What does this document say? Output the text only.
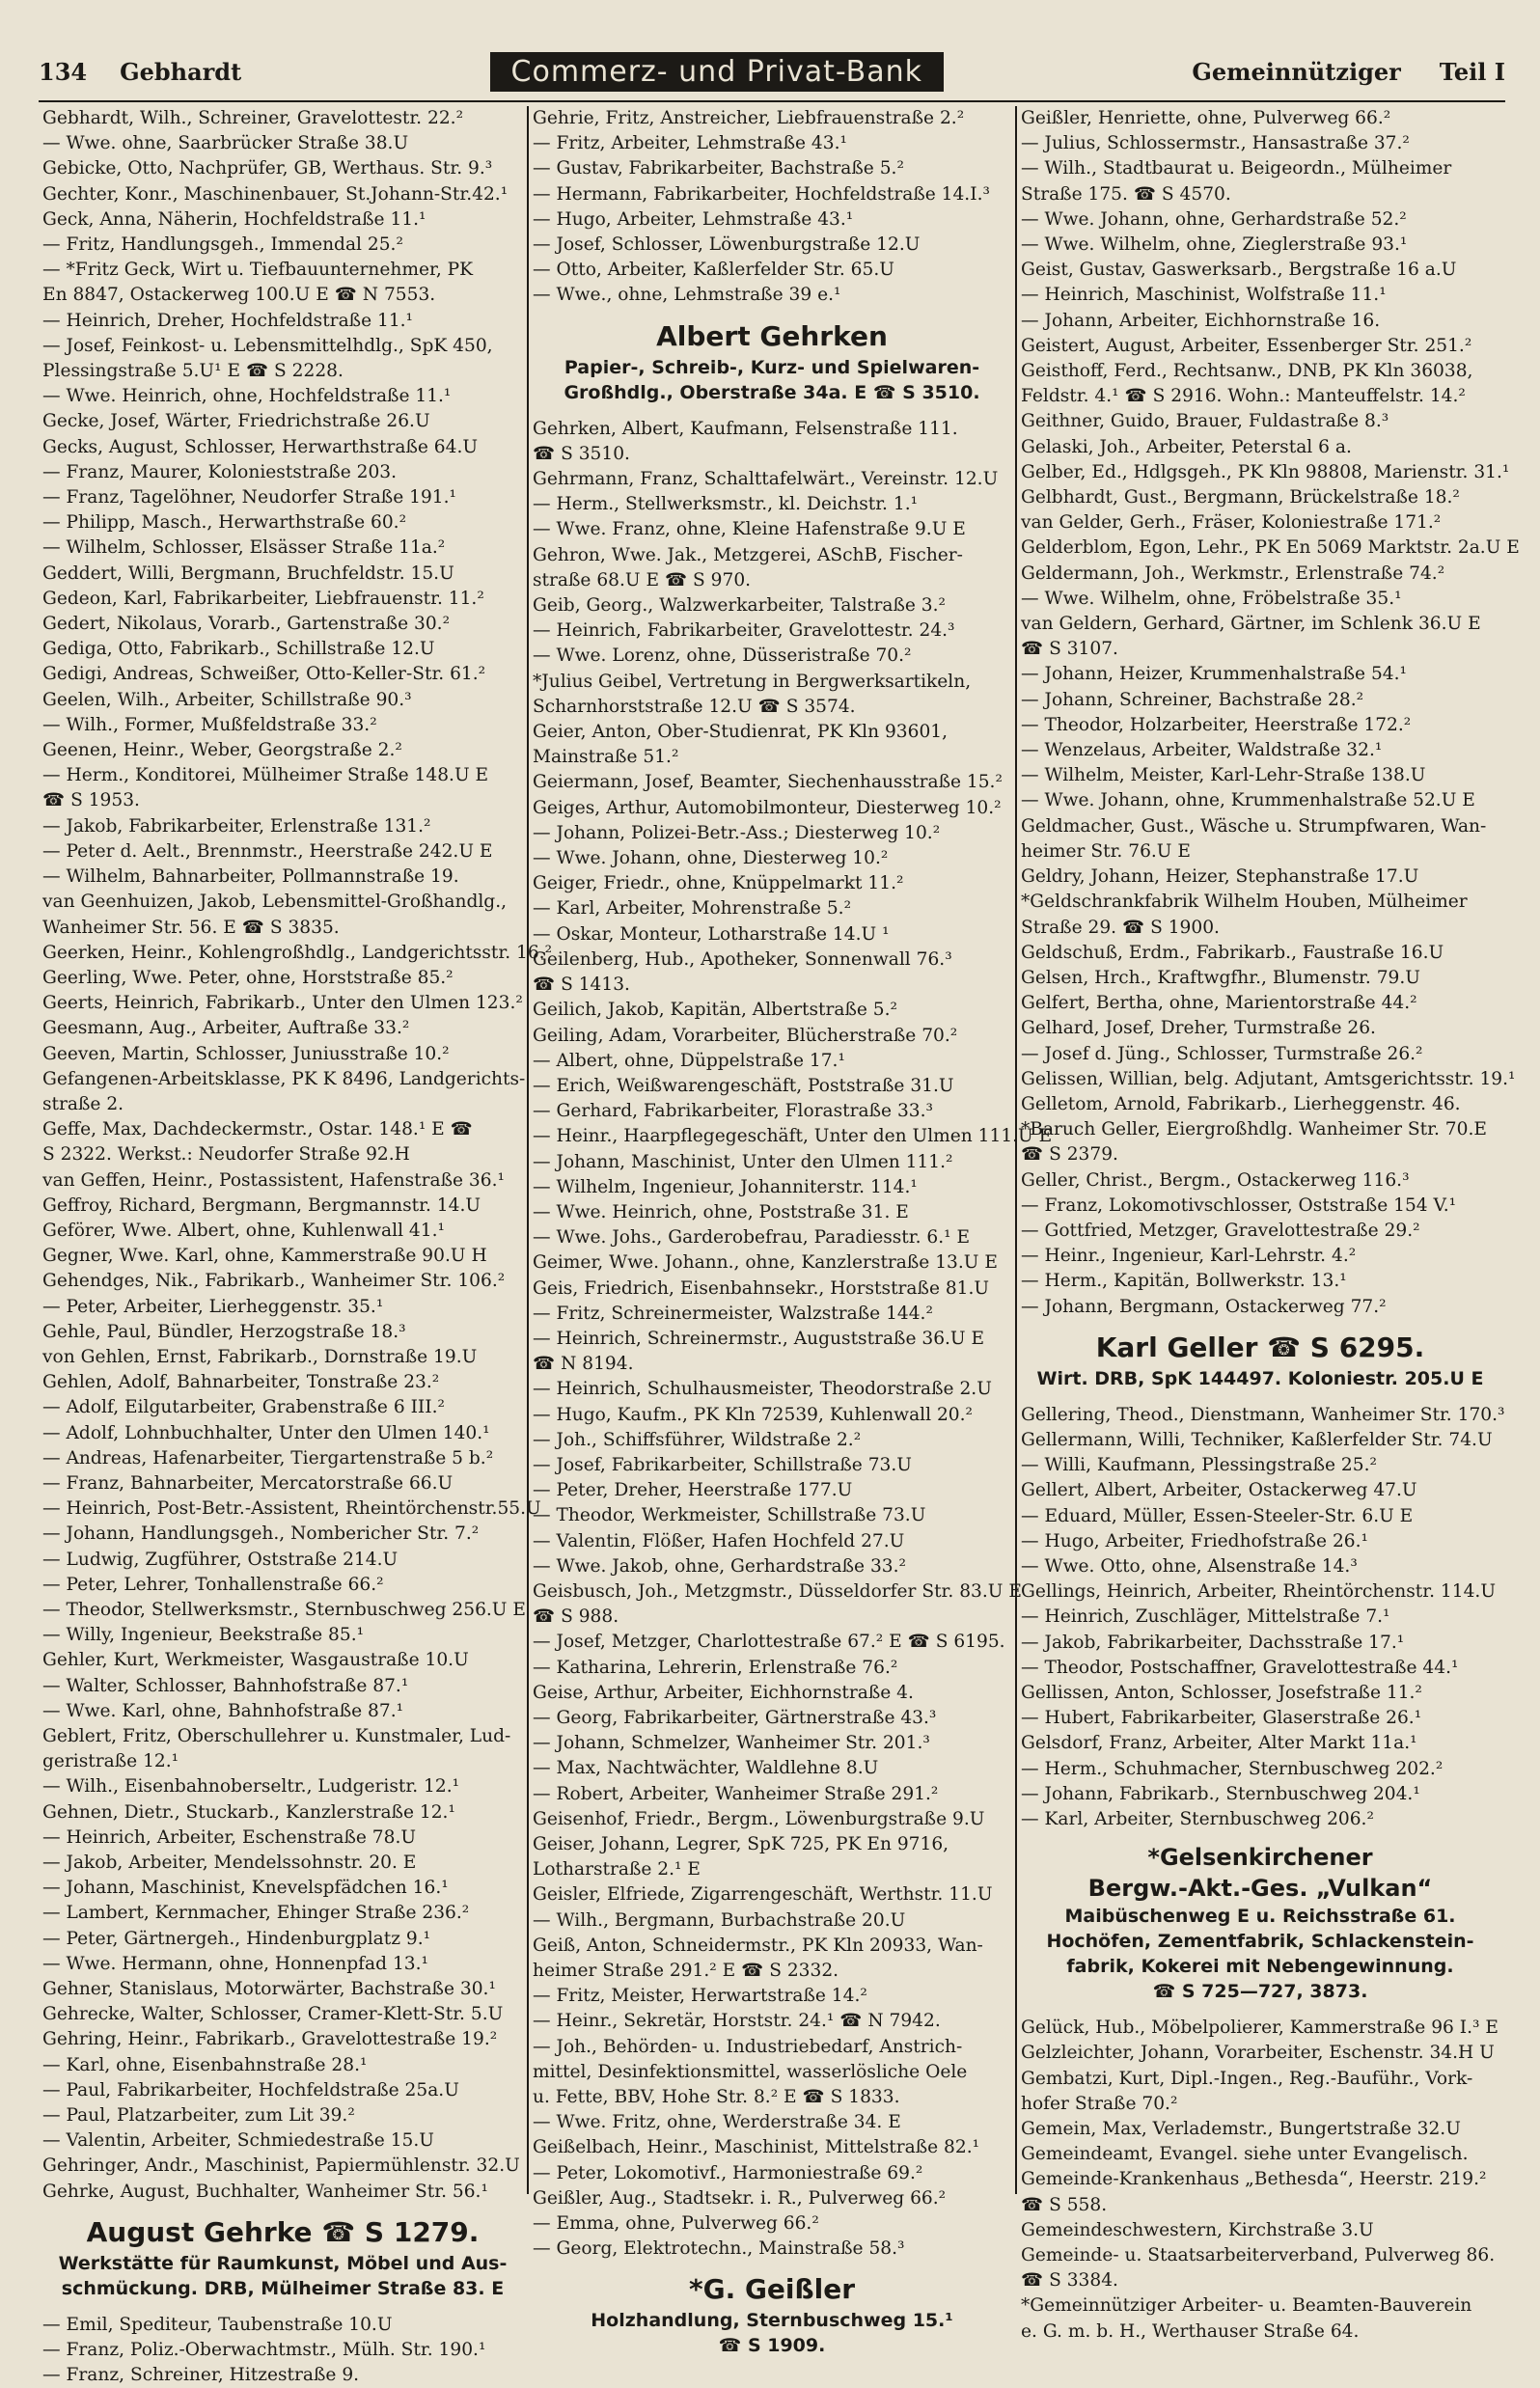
134 Gebhardt	Commerz- und Privat-Bank	Gemeinnütziger Teil I

Gebhardt, Wilh., Schreiner, Gravelottestr. 22.²

— Wwe. ohne, Saarbrücker Straße 38.U

Gebicke, Otto, Nachprüfer, GB, Werthaus. Str. 9.³

Gechter, Konr., Maschinenbauer, St.Johann-Str.42.¹

Geck, Anna, Näherin, Hochfeldstraße 11.¹

— Fritz, Handlungsgeh., Immendal 25.²

— *Fritz Geck, Wirt u. Tiefbauunternehmer, PK

En 8847, Ostackerweg 100.U E ☎ N 7553.

— Heinrich, Dreher, Hochfeldstraße 11.¹

— Josef, Feinkost- u. Lebensmittelhdlg., SpK 450,

Plessingstraße 5.U¹ E ☎ S 2228.

— Wwe. Heinrich, ohne, Hochfeldstraße 11.¹

Gecke, Josef, Wärter, Friedrichstraße 26.U

Gecks, August, Schlosser, Herwarthstraße 64.U

— Franz, Maurer, Kolonieststraße 203.

— Franz, Tagelöhner, Neudorfer Straße 191.¹

— Philipp, Masch., Herwarthstraße 60.²

— Wilhelm, Schlosser, Elsässer Straße 11a.²

Geddert, Willi, Bergmann, Bruchfeldstr. 15.U

Gedeon, Karl, Fabrikarbeiter, Liebfrauenstr. 11.²

Gedert, Nikolaus, Vorarb., Gartenstraße 30.²

Gediga, Otto, Fabrikarb., Schillstraße 12.U

Gedigi, Andreas, Schweißer, Otto-Keller-Str. 61.²

Geelen, Wilh., Arbeiter, Schillstraße 90.³

— Wilh., Former, Mußfeldstraße 33.²

Geenen, Heinr., Weber, Georgstraße 2.²

— Herm., Konditorei, Mülheimer Straße 148.U E

☎ S 1953.

— Jakob, Fabrikarbeiter, Erlenstraße 131.²

— Peter d. Aelt., Brennmstr., Heerstraße 242.U E

— Wilhelm, Bahnarbeiter, Pollmannstraße 19.

van Geenhuizen, Jakob, Lebensmittel-Großhandlg.,

Wanheimer Str. 56. E ☎ S 3835.

Geerken, Heinr., Kohlengroßhdlg., Landgerichtsstr. 16.²

Geerling, Wwe. Peter, ohne, Horststraße 85.²

Geerts, Heinrich, Fabrikarb., Unter den Ulmen 123.²

Geesmann, Aug., Arbeiter, Auftraße 33.²

Geeven, Martin, Schlosser, Juniusstraße 10.²

Gefangenen-Arbeitsklasse, PK K 8496, Landgerichts-

straße 2.

Geffe, Max, Dachdeckermstr., Ostar. 148.¹ E ☎

S 2322. Werkst.: Neudorfer Straße 92.H

van Geffen, Heinr., Postassistent, Hafenstraße 36.¹

Geffroy, Richard, Bergmann, Bergmannstr. 14.U

Geförer, Wwe. Albert, ohne, Kuhlenwall 41.¹

Gegner, Wwe. Karl, ohne, Kammerstraße 90.U H

Gehendges, Nik., Fabrikarb., Wanheimer Str. 106.²

— Peter, Arbeiter, Lierheggenstr. 35.¹

Gehle, Paul, Bündler, Herzogstraße 18.³

von Gehlen, Ernst, Fabrikarb., Dornstraße 19.U

Gehlen, Adolf, Bahnarbeiter, Tonstraße 23.²

— Adolf, Eilgutarbeiter, Grabenstraße 6 III.²

— Adolf, Lohnbuchhalter, Unter den Ulmen 140.¹

— Andreas, Hafenarbeiter, Tiergartenstraße 5 b.²

— Franz, Bahnarbeiter, Mercatorstraße 66.U

— Heinrich, Post-Betr.-Assistent, Rheintörchenstr.55.U

— Johann, Handlungsgeh., Nombericher Str. 7.²

— Ludwig, Zugführer, Oststraße 214.U

— Peter, Lehrer, Tonhallenstraße 66.²

— Theodor, Stellwerksmstr., Sternbuschweg 256.U E

— Willy, Ingenieur, Beekstraße 85.¹

Gehler, Kurt, Werkmeister, Wasgaustraße 10.U

— Walter, Schlosser, Bahnhofstraße 87.¹

— Wwe. Karl, ohne, Bahnhofstraße 87.¹

Geblert, Fritz, Oberschullehrer u. Kunstmaler, Lud-

geristraße 12.¹

— Wilh., Eisenbahnoberseltr., Ludgeristr. 12.¹

Gehnen, Dietr., Stuckarb., Kanzlerstraße 12.¹

— Heinrich, Arbeiter, Eschenstraße 78.U

— Jakob, Arbeiter, Mendelssohnstr. 20. E

— Johann, Maschinist, Knevelspfädchen 16.¹

— Lambert, Kernmacher, Ehinger Straße 236.²

— Peter, Gärtnergeh., Hindenburgplatz 9.¹

— Wwe. Hermann, ohne, Honnenpfad 13.¹

Gehner, Stanislaus, Motorwärter, Bachstraße 30.¹

Gehrecke, Walter, Schlosser, Cramer-Klett-Str. 5.U

Gehring, Heinr., Fabrikarb., Gravelottestraße 19.²

— Karl, ohne, Eisenbahnstraße 28.¹

— Paul, Fabrikarbeiter, Hochfeldstraße 25a.U

— Paul, Platzarbeiter, zum Lit 39.²

— Valentin, Arbeiter, Schmiedestraße 15.U

Gehringer, Andr., Maschinist, Papiermühlenstr. 32.U

Gehrke, August, Buchhalter, Wanheimer Str. 56.¹

August Gehrke ☎ S 1279.
Werkstätte für Raumkunst, Möbel und Aus-
schmückung. DRB, Mülheimer Straße 83. E

— Emil, Spediteur, Taubenstraße 10.U

— Franz, Poliz.-Oberwachtmstr., Mülh. Str. 190.¹

— Franz, Schreiner, Hitzestraße 9.

Gehrie, Fritz, Anstreicher, Liebfrauenstraße 2.²

— Fritz, Arbeiter, Lehmstraße 43.¹

— Gustav, Fabrikarbeiter, Bachstraße 5.²

— Hermann, Fabrikarbeiter, Hochfeldstraße 14.I.³

— Hugo, Arbeiter, Lehmstraße 43.¹

— Josef, Schlosser, Löwenburgstraße 12.U

— Otto, Arbeiter, Kaßlerfelder Str. 65.U

— Wwe., ohne, Lehmstraße 39 e.¹

Albert Gehrken
Papier-, Schreib-, Kurz- und Spielwaren-
Großhdlg., Oberstraße 34a. E ☎ S 3510.

Gehrken, Albert, Kaufmann, Felsenstraße 111.

☎ S 3510.

Gehrmann, Franz, Schalttafelwärt., Vereinstr. 12.U

— Herm., Stellwerksmstr., kl. Deichstr. 1.¹

— Wwe. Franz, ohne, Kleine Hafenstraße 9.U E

Gehron, Wwe. Jak., Metzgerei, ASchB, Fischer-

straße 68.U E ☎ S 970.

Geib, Georg., Walzwerkarbeiter, Talstraße 3.²

— Heinrich, Fabrikarbeiter, Gravelottestr. 24.³

— Wwe. Lorenz, ohne, Düsseristraße 70.²

*Julius Geibel, Vertretung in Bergwerksartikeln,

Scharnhorststraße 12.U ☎ S 3574.

Geier, Anton, Ober-Studienrat, PK Kln 93601,

Mainstraße 51.²

Geiermann, Josef, Beamter, Siechenhausstraße 15.²

Geiges, Arthur, Automobilmonteur, Diesterweg 10.²

— Johann, Polizei-Betr.-Ass.; Diesterweg 10.²

— Wwe. Johann, ohne, Diesterweg 10.²

Geiger, Friedr., ohne, Knüppelmarkt 11.²

— Karl, Arbeiter, Mohrenstraße 5.²

— Oskar, Monteur, Lotharstraße 14.U ¹

Geilenberg, Hub., Apotheker, Sonnenwall 76.³

☎ S 1413.

Geilich, Jakob, Kapitän, Albertstraße 5.²

Geiling, Adam, Vorarbeiter, Blücherstraße 70.²

— Albert, ohne, Düppelstraße 17.¹

— Erich, Weißwarengeschäft, Poststraße 31.U

— Gerhard, Fabrikarbeiter, Florastraße 33.³

— Heinr., Haarpflegegeschäft, Unter den Ulmen 111.U E

— Johann, Maschinist, Unter den Ulmen 111.²

— Wilhelm, Ingenieur, Johanniterstr. 114.¹

— Wwe. Heinrich, ohne, Poststraße 31. E

— Wwe. Johs., Garderobefrau, Paradiesstr. 6.¹ E

Geimer, Wwe. Johann., ohne, Kanzlerstraße 13.U E

Geis, Friedrich, Eisenbahnsekr., Horststraße 81.U

— Fritz, Schreinermeister, Walzstraße 144.²

— Heinrich, Schreinermstr., Auguststraße 36.U E

☎ N 8194.

— Heinrich, Schulhausmeister, Theodorstraße 2.U

— Hugo, Kaufm., PK Kln 72539, Kuhlenwall 20.²

— Joh., Schiffsführer, Wildstraße 2.²

— Josef, Fabrikarbeiter, Schillstraße 73.U

— Peter, Dreher, Heerstraße 177.U

— Theodor, Werkmeister, Schillstraße 73.U

— Valentin, Flößer, Hafen Hochfeld 27.U

— Wwe. Jakob, ohne, Gerhardstraße 33.²

Geisbusch, Joh., Metzgmstr., Düsseldorfer Str. 83.U E

☎ S 988.

— Josef, Metzger, Charlottestraße 67.² E ☎ S 6195.

— Katharina, Lehrerin, Erlenstraße 76.²

Geise, Arthur, Arbeiter, Eichhornstraße 4.

— Georg, Fabrikarbeiter, Gärtnerstraße 43.³

— Johann, Schmelzer, Wanheimer Str. 201.³

— Max, Nachtwächter, Waldlehne 8.U

— Robert, Arbeiter, Wanheimer Straße 291.²

Geisenhof, Friedr., Bergm., Löwenburgstraße 9.U

Geiser, Johann, Legrer, SpK 725, PK En 9716,

Lotharstraße 2.¹ E

Geisler, Elfriede, Zigarrengeschäft, Werthstr. 11.U

— Wilh., Bergmann, Burbachstraße 20.U

Geiß, Anton, Schneidermstr., PK Kln 20933, Wan-

heimer Straße 291.² E ☎ S 2332.

— Fritz, Meister, Herwartstraße 14.²

— Heinr., Sekretär, Horststr. 24.¹ ☎ N 7942.

— Joh., Behörden- u. Industriebedarf, Anstrich-

mittel, Desinfektionsmittel, wasserlösliche Oele

u. Fette, BBV, Hohe Str. 8.² E ☎ S 1833.

— Wwe. Fritz, ohne, Werderstraße 34. E

Geißelbach, Heinr., Maschinist, Mittelstraße 82.¹

— Peter, Lokomotivf., Harmoniestraße 69.²

Geißler, Aug., Stadtsekr. i. R., Pulverweg 66.²

— Emma, ohne, Pulverweg 66.²

— Georg, Elektrotechn., Mainstraße 58.³

*G. Geißler
Holzhandlung, Sternbuschweg 15.¹
☎ S 1909.

Geißler, Henriette, ohne, Pulverweg 66.²

— Julius, Schlossermstr., Hansastraße 37.²

— Wilh., Stadtbaurat u. Beigeordn., Mülheimer

Straße 175. ☎ S 4570.

— Wwe. Johann, ohne, Gerhardstraße 52.²

— Wwe. Wilhelm, ohne, Zieglerstraße 93.¹

Geist, Gustav, Gaswerksarb., Bergstraße 16 a.U

— Heinrich, Maschinist, Wolfstraße 11.¹

— Johann, Arbeiter, Eichhornstraße 16.

Geistert, August, Arbeiter, Essenberger Str. 251.²

Geisthoff, Ferd., Rechtsanw., DNB, PK Kln 36038,

Feldstr. 4.¹ ☎ S 2916. Wohn.: Manteuffelstr. 14.²

Geithner, Guido, Brauer, Fuldastraße 8.³

Gelaski, Joh., Arbeiter, Peterstal 6 a.

Gelber, Ed., Hdlgsgeh., PK Kln 98808, Marienstr. 31.¹

Gelbhardt, Gust., Bergmann, Brückelstraße 18.²

van Gelder, Gerh., Fräser, Koloniestraße 171.²

Gelderblom, Egon, Lehr., PK En 5069 Marktstr. 2a.U E

Geldermann, Joh., Werkmstr., Erlenstraße 74.²

— Wwe. Wilhelm, ohne, Fröbelstraße 35.¹

van Geldern, Gerhard, Gärtner, im Schlenk 36.U E

☎ S 3107.

— Johann, Heizer, Krummenhalstraße 54.¹

— Johann, Schreiner, Bachstraße 28.²

— Theodor, Holzarbeiter, Heerstraße 172.²

— Wenzelaus, Arbeiter, Waldstraße 32.¹

— Wilhelm, Meister, Karl-Lehr-Straße 138.U

— Wwe. Johann, ohne, Krummenhalstraße 52.U E

Geldmacher, Gust., Wäsche u. Strumpfwaren, Wan-

heimer Str. 76.U E

Geldry, Johann, Heizer, Stephanstraße 17.U

*Geldschrankfabrik Wilhelm Houben, Mülheimer

Straße 29. ☎ S 1900.

Geldschuß, Erdm., Fabrikarb., Faustraße 16.U

Gelsen, Hrch., Kraftwgfhr., Blumenstr. 79.U

Gelfert, Bertha, ohne, Marientorstraße 44.²

Gelhard, Josef, Dreher, Turmstraße 26.

— Josef d. Jüng., Schlosser, Turmstraße 26.²

Gelissen, Willian, belg. Adjutant, Amtsgerichtsstr. 19.¹

Gelletom, Arnold, Fabrikarb., Lierheggenstr. 46.

*Baruch Geller, Eiergroßhdlg. Wanheimer Str. 70.E

☎ S 2379.

Geller, Christ., Bergm., Ostackerweg 116.³

— Franz, Lokomotivschlosser, Oststraße 154 V.¹

— Gottfried, Metzger, Gravelottestraße 29.²

— Heinr., Ingenieur, Karl-Lehrstr. 4.²

— Herm., Kapitän, Bollwerkstr. 13.¹

— Johann, Bergmann, Ostackerweg 77.²

Karl Geller ☎ S 6295.
Wirt. DRB, SpK 144497. Koloniestr. 205.U E

Gellering, Theod., Dienstmann, Wanheimer Str. 170.³

Gellermann, Willi, Techniker, Kaßlerfelder Str. 74.U

— Willi, Kaufmann, Plessingstraße 25.²

Gellert, Albert, Arbeiter, Ostackerweg 47.U

— Eduard, Müller, Essen-Steeler-Str. 6.U E

— Hugo, Arbeiter, Friedhofstraße 26.¹

— Wwe. Otto, ohne, Alsenstraße 14.³

Gellings, Heinrich, Arbeiter, Rheintörchenstr. 114.U

— Heinrich, Zuschläger, Mittelstraße 7.¹

— Jakob, Fabrikarbeiter, Dachsstraße 17.¹

— Theodor, Postschaffner, Gravelottestraße 44.¹

Gellissen, Anton, Schlosser, Josefstraße 11.²

— Hubert, Fabrikarbeiter, Glaserstraße 26.¹

Gelsdorf, Franz, Arbeiter, Alter Markt 11a.¹

— Herm., Schuhmacher, Sternbuschweg 202.²

— Johann, Fabrikarb., Sternbuschweg 204.¹

— Karl, Arbeiter, Sternbuschweg 206.²

*Gelsenkirchener
Bergw.-Akt.-Ges. „Vulkan“
Maibüschenweg E u. Reichsstraße 61.
Hochöfen, Zementfabrik, Schlackenstein-
fabrik, Kokerei mit Nebengewinnung.
☎ S 725—727, 3873.

Gelück, Hub., Möbelpolierer, Kammerstraße 96 I.³ E

Gelzleichter, Johann, Vorarbeiter, Eschenstr. 34.H U

Gembatzi, Kurt, Dipl.-Ingen., Reg.-Bauführ., Vork-

hofer Straße 70.²

Gemein, Max, Verlademstr., Bungertstraße 32.U

Gemeindeamt, Evangel. siehe unter Evangelisch.

Gemeinde-Krankenhaus „Bethesda“, Heerstr. 219.²

☎ S 558.

Gemeindeschwestern, Kirchstraße 3.U

Gemeinde- u. Staatsarbeiterverband, Pulverweg 86.

☎ S 3384.

*Gemeinnütziger Arbeiter- u. Beamten-Bauverein

e. G. m. b. H., Werthauser Straße 64.
